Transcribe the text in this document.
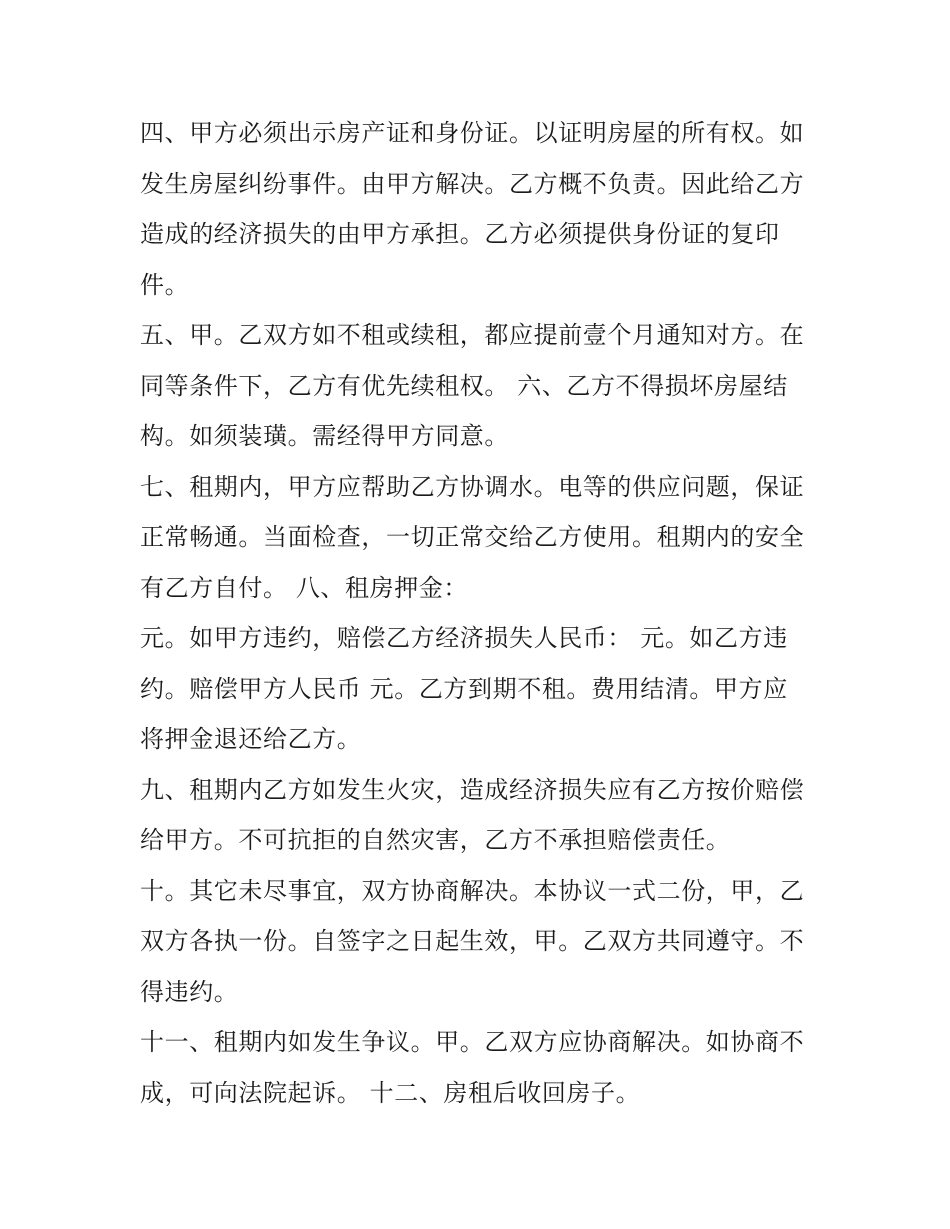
四、甲方必须出示房产证和身份证。以证明房屋的所有权。如
发生房屋纠纷事件。由甲方解决。乙方概不负责。因此给乙方
造成的经济损失的由甲方承担。乙方必须提供身份证的复印
件。
五、甲。乙双方如不租或续租，都应提前壹个月通知对方。在
同等条件下，乙方有优先续租权。 六、乙方不得损坏房屋结
构。如须装璜。需经得甲方同意。
七、租期内，甲方应帮助乙方协调水。电等的供应问题，保证
正常畅通。当面检查，一切正常交给乙方使用。租期内的安全
有乙方自付。 八、租房押金：
元。如甲方违约，赔偿乙方经济损失人民币： 元。如乙方违
约。赔偿甲方人民币 元。乙方到期不租。费用结清。甲方应
将押金退还给乙方。
九、租期内乙方如发生火灾，造成经济损失应有乙方按价赔偿
给甲方。不可抗拒的自然灾害，乙方不承担赔偿责任。
十。其它未尽事宜，双方协商解决。本协议一式二份，甲，乙
双方各执一份。自签字之日起生效，甲。乙双方共同遵守。不
得违约。
十一、租期内如发生争议。甲。乙双方应协商解决。如协商不
成，可向法院起诉。 十二、房租后收回房子。
